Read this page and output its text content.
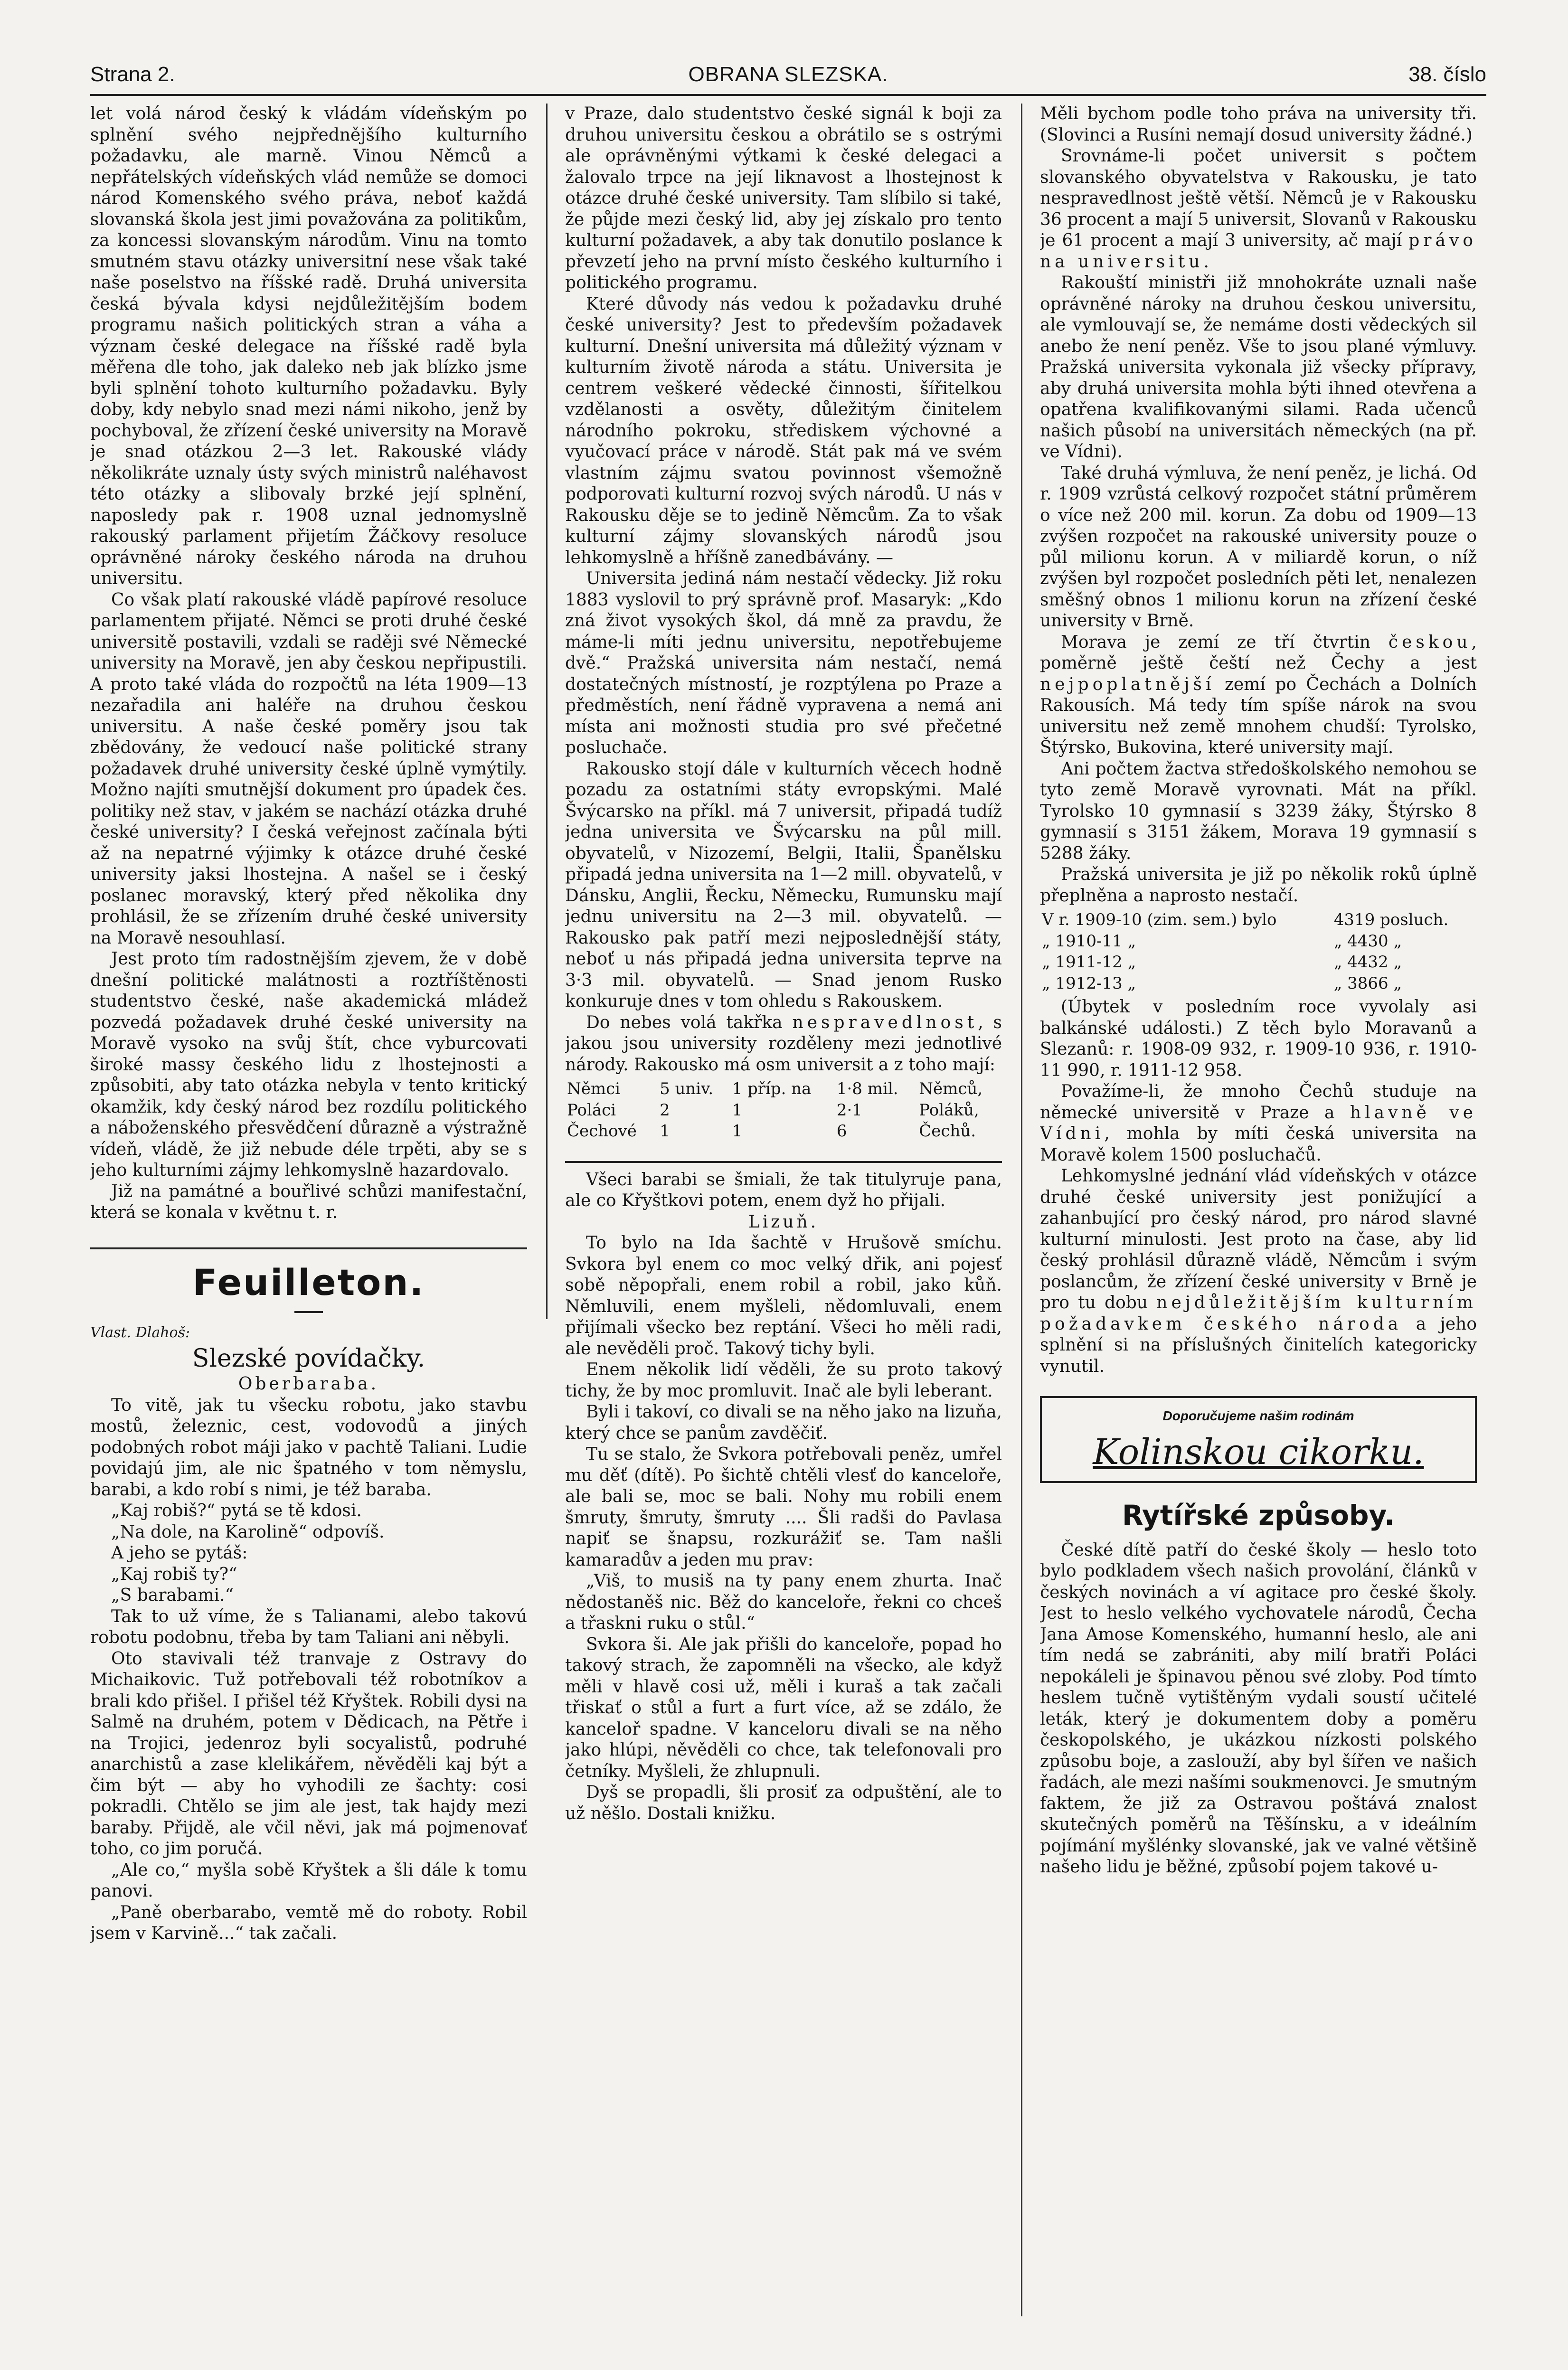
Strana 2.	OBRANA SLEZSKA.	38. číslo

let volá národ český k vládám vídeňským po splnění svého nejpřednějšího kulturního požadavku, ale marně. Vinou Němců a nepřátelských vídeňských vlád nemůže se domoci národ Komenského svého práva, neboť každá slovanská škola jest jimi považována za politikům, za koncessi slovanským národům. Vinu na tomto smutném stavu otázky universitní nese však také naše poselstvo na říšské radě. Druhá universita česká bývala kdysi nejdůležitějším bodem programu našich politických stran a váha a význam české delegace na říšské radě byla měřena dle toho, jak daleko neb jak blízko jsme byli splnění tohoto kulturního požadavku. Byly doby, kdy nebylo snad mezi námi nikoho, jenž by pochyboval, že zřízení české university na Moravě je snad otázkou 2—3 let. Rakouské vlády několikráte uznaly ústy svých ministrů naléhavost této otázky a slibovaly brzké její splnění, naposledy pak r. 1908 uznal jednomyslně rakouský parlament přijetím Žáčkovy resoluce oprávněné nároky českého národa na druhou universitu.

Co však platí rakouské vládě papírové resoluce parlamentem přijaté. Němci se proti druhé české universitě postavili, vzdali se raději své Německé university na Moravě, jen aby českou nepřipustili. A proto také vláda do rozpočtů na léta 1909—13 nezařadila ani haléře na druhou českou universitu. A naše české poměry jsou tak zbědovány, že vedoucí naše politické strany požadavek druhé university české úplně vymýtily. Možno najíti smutnější dokument pro úpadek čes. politiky než stav, v jakém se nachází otázka druhé české university? I česká veřejnost začínala býti až na nepatrné výjimky k otázce druhé české university jaksi lhostejna. A našel se i český poslanec moravský, který před několika dny prohlásil, že se zřízením druhé české university na Moravě nesouhlasí.

Jest proto tím radostnějším zjevem, že v době dnešní politické malátnosti a roztříštěnosti studentstvo české, naše akademická mládež pozvedá požadavek druhé české university na Moravě vysoko na svůj štít, chce vyburcovati široké massy českého lidu z lhostejnosti a způsobiti, aby tato otázka nebyla v tento kritický okamžik, kdy český národ bez rozdílu politického a náboženského přesvědčení důrazně a výstražně vídeň, vládě, že již nebude déle trpěti, aby se s jeho kulturními zájmy lehkomyslně hazardovalo.

Již na památné a bouřlivé schůzi manifestační, která se konala v květnu t. r.

Feuilleton.

Vlast. Dlahoš:

Slezské povídačky.

Oberbaraba.

To vitě, jak tu všecku robotu, jako stavbu mostů, železnic, cest, vodovodů a jiných podobných robot máji jako v pachtě Taliani. Ludie povidajú jim, ale nic špatného v tom němyslu, barabi, a kdo robí s nimi, je též baraba.

„Kaj robiš?“ pytá se tě kdosi.

„Na dole, na Karolině“ odpovíš.

A jeho se pytáš:

„Kaj robiš ty?“

„S barabami.“

Tak to už víme, že s Talianami, alebo takovú robotu podobnu, třeba by tam Taliani ani něbyli.

Oto stavivali též tranvaje z Ostravy do Michaikovic. Tuž potřebovali též robotníkov a brali kdo přišel. I přišel též Křyštek. Robili dysi na Salmě na druhém, potem v Dědicach, na Pětře i na Trojici, jedenroz byli socyalistů, podruhé anarchistů a zase klelikářem, něvěděli kaj být a čim být — aby ho vyhodili ze šachty: cosi pokradli. Chtělo se jim ale jest, tak hajdy mezi baraby. Přijdě, ale včil něvi, jak má pojmenovať toho, co jim poručá.

„Ale co,“ myšla sobě Křyštek a šli dále k tomu panovi.

„Paně oberbarabo, vemtě mě do roboty. Robil jsem v Karvině...“ tak začali.

v Praze, dalo studentstvo české signál k boji za druhou universitu českou a obrátilo se s ostrými ale oprávněnými výtkami k české delegaci a žalovalo trpce na její liknavost a lhostejnost k otázce druhé české university. Tam slíbilo si také, že půjde mezi český lid, aby jej získalo pro tento kulturní požadavek, a aby tak donutilo poslance k převzetí jeho na první místo českého kulturního i politického programu.

Které důvody nás vedou k požadavku druhé české university? Jest to především požadavek kulturní. Dnešní universita má důležitý význam v kulturním životě národa a státu. Universita je centrem veškeré vědecké činnosti, šířitelkou vzdělanosti a osvěty, důležitým činitelem národního pokroku, střediskem výchovné a vyučovací práce v národě. Stát pak má ve svém vlastním zájmu svatou povinnost všemožně podporovati kulturní rozvoj svých národů. U nás v Rakousku děje se to jedině Němcům. Za to však kulturní zájmy slovanských národů jsou lehkomyslně a hříšně zanedbávány. —

Universita jediná nám nestačí vědecky. Již roku 1883 vyslovil to prý správně prof. Masaryk: „Kdo zná život vysokých škol, dá mně za pravdu, že máme-li míti jednu universitu, nepotřebujeme dvě.“ Pražská universita nám nestačí, nemá dostatečných místností, je rozptýlena po Praze a předměstích, není řádně vypravena a nemá ani místa ani možnosti studia pro své přečetné posluchače.

Rakousko stojí dále v kulturních věcech hodně pozadu za ostatními státy evropskými. Malé Švýcarsko na příkl. má 7 universit, připadá tudíž jedna universita ve Švýcarsku na půl mill. obyvatelů, v Nizozemí, Belgii, Italii, Španělsku připadá jedna universita na 1—2 mill. obyvatelů, v Dánsku, Anglii, Řecku, Německu, Rumunsku mají jednu universitu na 2—3 mil. obyvatelů. — Rakousko pak patří mezi nejposlednější státy, neboť u nás připadá jedna universita teprve na 3·3 mil. obyvatelů. — Snad jenom Rusko konkuruje dnes v tom ohledu s Rakouskem.

Do nebes volá takřka nespravedlnost, s jakou jsou university rozděleny mezi jednotlivé národy. Rakousko má osm universit a z toho mají:

Němci	5 univ.	1 příp. na	1·8 mil.	Němců,
Poláci	2	1	2·1	Poláků,
Čechové	1	1	6	Čechů.

Všeci barabi se šmiali, že tak titulyruje pana, ale co Křyštkovi potem, enem dyž ho přijali.

Lizuň.

To bylo na Ida šachtě v Hrušově smíchu. Svkora byl enem co moc velký dřik, ani pojesť sobě něpopřali, enem robil a robil, jako kůň. Němluvili, enem myšleli, nědomluvali, enem přijímali všecko bez reptání. Všeci ho měli radi, ale nevěděli proč. Takový tichy byli.

Enem několik lidí věděli, že su proto takový tichy, že by moc promluvit. Inač ale byli leberant.

Byli i takoví, co divali se na něho jako na lizuňa, který chce se panům zavděčiť.

Tu se stalo, že Svkora potřebovali peněz, umřel mu děť (dítě). Po šichtě chtěli vlesť do kanceloře, ale bali se, moc se bali. Nohy mu robili enem šmruty, šmruty, šmruty .... Šli radši do Pavlasa napiť se šnapsu, rozkurážiť se. Tam našli kamaradův a jeden mu prav:

„Viš, to musiš na ty pany enem zhurta. Inač nědostaněš nic. Běž do kanceloře, řekni co chceš a třaskni ruku o stůl.“

Svkora ši. Ale jak přišli do kanceloře, popad ho takový strach, že zapomněli na všecko, ale když měli v hlavě cosi už, měli i kuraš a tak začali třiskať o stůl a furt a furt více, až se zdálo, že kanceloř spadne. V kanceloru divali se na něho jako hlúpi, něvěděli co chce, tak telefonovali pro četníky. Myšleli, že zhlupnuli.

Dyš se propadli, šli prosiť za odpuštění, ale to už něšlo. Dostali knižku.

Měli bychom podle toho práva na university tři. (Slovinci a Rusíni nemají dosud university žádné.)

Srovnáme-li počet universit s počtem slovanského obyvatelstva v Rakousku, je tato nespravedlnost ještě větší. Němců je v Rakousku 36 procent a mají 5 universit, Slovanů v Rakousku je 61 procent a mají 3 university, ač mají právo na universitu.

Rakouští ministři již mnohokráte uznali naše oprávněné nároky na druhou českou universitu, ale vymlouvají se, že nemáme dosti vědeckých sil anebo že není peněz. Vše to jsou plané výmluvy. Pražská universita vykonala již všecky přípravy, aby druhá universita mohla býti ihned otevřena a opatřena kvalifikovanými silami. Rada učenců našich působí na universitách německých (na př. ve Vídni).

Také druhá výmluva, že není peněz, je lichá. Od r. 1909 vzrůstá celkový rozpočet státní průměrem o více než 200 mil. korun. Za dobu od 1909—13 zvýšen rozpočet na rakouské university pouze o půl milionu korun. A v miliardě korun, o níž zvýšen byl rozpočet posledních pěti let, nenalezen směšný obnos 1 milionu korun na zřízení české university v Brně.

Morava je zemí ze tří čtvrtin českou, poměrně ještě čeští než Čechy a jest nejpoplatnější zemí po Čechách a Dolních Rakousích. Má tedy tím spíše nárok na svou universitu než země mnohem chudší: Tyrolsko, Štýrsko, Bukovina, které university mají.

Ani počtem žactva středoškolského nemohou se tyto země Moravě vyrovnati. Mát na příkl. Tyrolsko 10 gymnasií s 3239 žáky, Štýrsko 8 gymnasií s 3151 žákem, Morava 19 gymnasií s 5288 žáky.

Pražská universita je již po několik roků úplně přeplněna a naprosto nestačí.

V r. 1909-10 (zim. sem.) bylo	4319 posluch.
„ 1910-11 „	„ 4430 „
„ 1911-12 „	„ 4432 „
„ 1912-13 „	„ 3866 „

(Úbytek v posledním roce vyvolaly asi balkánské události.) Z těch bylo Moravanů a Slezanů: r. 1908-09 932, r. 1909-10 936, r. 1910-11 990, r. 1911-12 958.

Považíme-li, že mnoho Čechů studuje na německé universitě v Praze a hlavně ve Vídni, mohla by míti česká universita na Moravě kolem 1500 posluchačů.

Lehkomyslné jednání vlád vídeňských v otázce druhé české university jest ponižující a zahanbující pro český národ, pro národ slavné kulturní minulosti. Jest proto na čase, aby lid český prohlásil důrazně vládě, Němcům i svým poslancům, že zřízení české university v Brně je pro tu dobu nejdůležitějším kulturním požadavkem českého národa a jeho splnění si na příslušných činitelích kategoricky vynutil.

Doporučujeme našim rodinám
Kolinskou cikorku.
Rytířské způsoby.

České dítě patří do české školy — heslo toto bylo podkladem všech našich provolání, článků v českých novinách a ví agitace pro české školy. Jest to heslo velkého vychovatele národů, Čecha Jana Amose Komenského, humanní heslo, ale ani tím nedá se zabrániti, aby milí bratři Poláci nepokáleli je špinavou pěnou své zloby. Pod tímto heslem tučně vytištěným vydali soustí učitelé leták, který je dokumentem doby a poměru českopolského, je ukázkou nízkosti polského způsobu boje, a zaslouží, aby byl šířen ve našich řadách, ale mezi našími soukmenovci. Je smutným faktem, že již za Ostravou poštává znalost skutečných poměrů na Těšínsku, a v ideálním pojímání myšlénky slovanské, jak ve valné většině našeho lidu je běžné, způsobí pojem takové u-
